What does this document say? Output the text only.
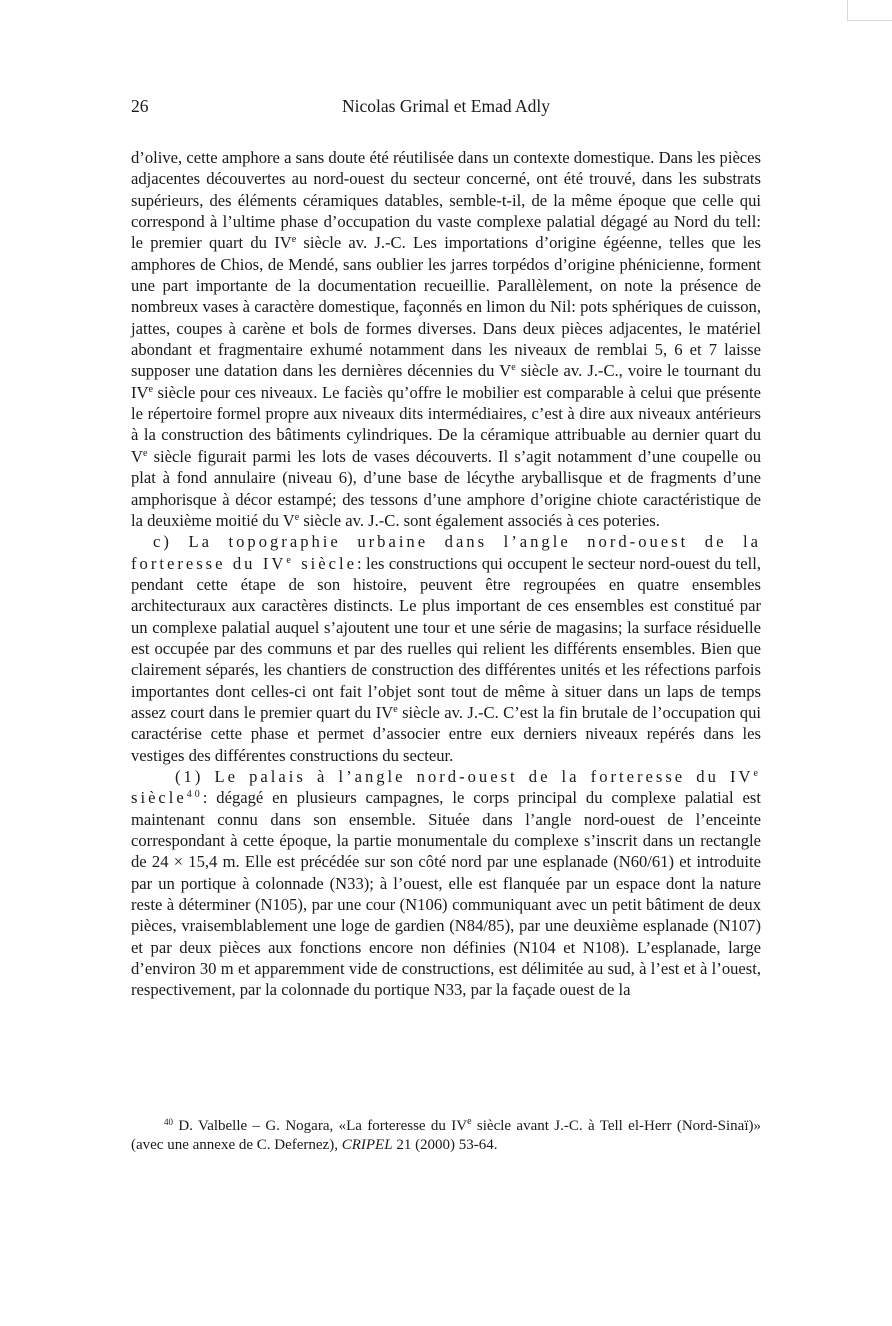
26	Nicolas Grimal et Emad Adly

d’olive, cette amphore a sans doute été réutilisée dans un contexte domestique. Dans les pièces adjacentes découvertes au nord-ouest du secteur concerné, ont été trouvé, dans les substrats supérieurs, des éléments céramiques datables, semble-t-il, de la même époque que celle qui correspond à l’ultime phase d’occupation du vaste complexe palatial dégagé au Nord du tell: le premier quart du IVe siècle av. J.-C. Les importations d’origine égéenne, telles que les amphores de Chios, de Mendé, sans oublier les jarres torpédos d’origine phénicienne, forment une part importante de la documentation recueillie. Parallèlement, on note la présence de nombreux vases à caractère domestique, façonnés en limon du Nil: pots sphériques de cuisson, jattes, coupes à carène et bols de formes diverses. Dans deux pièces adjacentes, le matériel abondant et fragmentaire exhumé notamment dans les niveaux de remblai 5, 6 et 7 laisse supposer une datation dans les dernières décennies du Ve siècle av. J.-C., voire le tournant du IVe siècle pour ces niveaux. Le faciès qu’offre le mobilier est comparable à celui que présente le répertoire formel propre aux niveaux dits intermédiaires, c’est à dire aux niveaux antérieurs à la construction des bâtiments cylindriques. De la céramique attribuable au dernier quart du Ve siècle figurait parmi les lots de vases découverts. Il s’agit notamment d’une coupelle ou plat à fond annulaire (niveau 6), d’une base de lécythe aryballisque et de fragments d’une amphorisque à décor estampé; des tessons d’une amphore d’origine chiote caractéristique de la deuxième moitié du Ve siècle av. J.-C. sont également associés à ces poteries.

c) La topographie urbaine dans l’angle nord-ouest de la forteresse du IVe siècle: les constructions qui occupent le secteur nord-ouest du tell, pendant cette étape de son histoire, peuvent être regroupées en quatre ensembles architecturaux aux caractères distincts. Le plus important de ces ensembles est constitué par un complexe palatial auquel s’ajoutent une tour et une série de magasins; la surface résiduelle est occupée par des communs et par des ruelles qui relient les différents ensembles. Bien que clairement séparés, les chantiers de construction des différentes unités et les réfections parfois importantes dont celles-ci ont fait l’objet sont tout de même à situer dans un laps de temps assez court dans le premier quart du IVe siècle av. J.-C. C’est la fin brutale de l’occupation qui caractérise cette phase et permet d’associer entre eux derniers niveaux repérés dans les vestiges des différentes constructions du secteur.

(1) Le palais à l’angle nord-ouest de la forteresse du IVe siècle$^{40}$: dégagé en plusieurs campagnes, le corps principal du complexe palatial est maintenant connu dans son ensemble. Située dans l’angle nord-ouest de l’enceinte correspondant à cette époque, la partie monumentale du complexe s’inscrit dans un rectangle de 24 × 15,4 m. Elle est précédée sur son côté nord par une esplanade (N60/61) et introduite par un portique à colonnade (N33); à l’ouest, elle est flanquée par un espace dont la nature reste à déterminer (N105), par une cour (N106) communiquant avec un petit bâtiment de deux pièces, vraisemblablement une loge de gardien (N84/85), par une deuxième esplanade (N107) et par deux pièces aux fonctions encore non définies (N104 et N108). L’esplanade, large d’environ 30 m et apparemment vide de constructions, est délimitée au sud, à l’est et à l’ouest, respectivement, par la colonnade du portique N33, par la façade ouest de la

$^{40}$ D. Valbelle – G. Nogara, «La forteresse du IVe siècle avant J.-C. à Tell el-Herr (Nord-Sinaï)» (avec une annexe de C. Defernez), CRIPEL 21 (2000) 53-64.
